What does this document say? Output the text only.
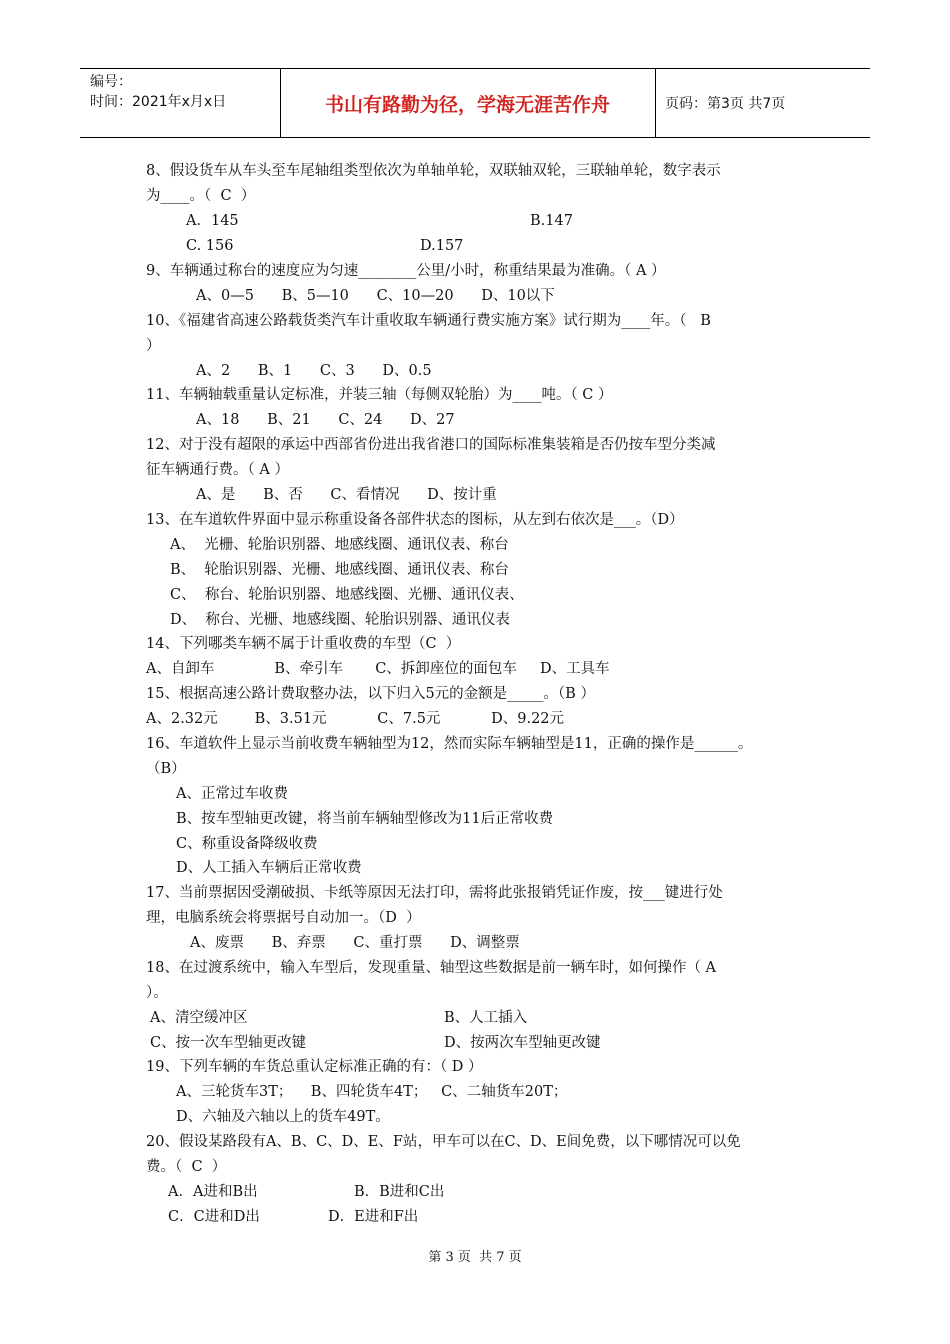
编号：
时间：2021年x月x日	书山有路勤为径，学海无涯苦作舟	页码：第3页 共7页
8、假设货车从车头至车尾轴组类型依次为单轴单轮，双联轴双轮，三联轴单轮，数字表示
为____。（  C  ）
A．145	B.147
C. 156	D.157
9、车辆通过称台的速度应为匀速________公里/小时，称重结果最为准确。（ A ）
A、0—5      B、5—10      C、10—20      D、10以下
10、《福建省高速公路载货类汽车计重收取车辆通行费实施方案》试行期为____年。（   B
）
A、2      B、1      C、3      D、0.5
11、车辆轴载重量认定标准，并装三轴（每侧双轮胎）为____吨。（ C ）
A、18      B、21      C、24      D、27
12、对于没有超限的承运中西部省份进出我省港口的国际标准集装箱是否仍按车型分类减
征车辆通行费。（ A ）
A、是      B、否      C、看情况      D、按计重
13、在车道软件界面中显示称重设备各部件状态的图标，从左到右依次是___。（D）
A、  光栅、轮胎识别器、地感线圈、通讯仪表、称台
B、  轮胎识别器、光栅、地感线圈、通讯仪表、称台
C、  称台、轮胎识别器、地感线圈、光栅、通讯仪表、
D、  称台、光栅、地感线圈、轮胎识别器、通讯仪表
14、下列哪类车辆不属于计重收费的车型（C  ）
A、自卸车             B、牵引车       C、拆卸座位的面包车     D、工具车
15、根据高速公路计费取整办法，以下归入5元的金额是_____。（B ）
A、2.32元        B、3.51元           C、7.5元           D、9.22元
16、车道软件上显示当前收费车辆轴型为12，然而实际车辆轴型是11，正确的操作是______。
（B）
A、正常过车收费
B、按车型轴更改键，将当前车辆轴型修改为11后正常收费
C、称重设备降级收费
D、人工插入车辆后正常收费
17、当前票据因受潮破损、卡纸等原因无法打印，需将此张报销凭证作废，按___键进行处
理，电脑系统会将票据号自动加一。（D  ）
A、废票      B、弃票      C、重打票      D、调整票
18、在过渡系统中，输入车型后，发现重量、轴型这些数据是前一辆车时，如何操作（ A
）。
A、清空缓冲区	B、人工插入
C、按一次车型轴更改键	D、按两次车型轴更改键
19、下列车辆的车货总重认定标准正确的有：（ D ）
A、三轮货车3T；    B、四轮货车4T；   C、二轴货车20T；
D、六轴及六轴以上的货车49T。
20、假设某路段有A、B、C、D、E、F站，甲车可以在C、D、E间免费，以下哪情况可以免
费。（  C  ）
A．A进和B出	B．B进和C出
C．C进和D出	D．E进和F出
第 3 页  共 7 页
